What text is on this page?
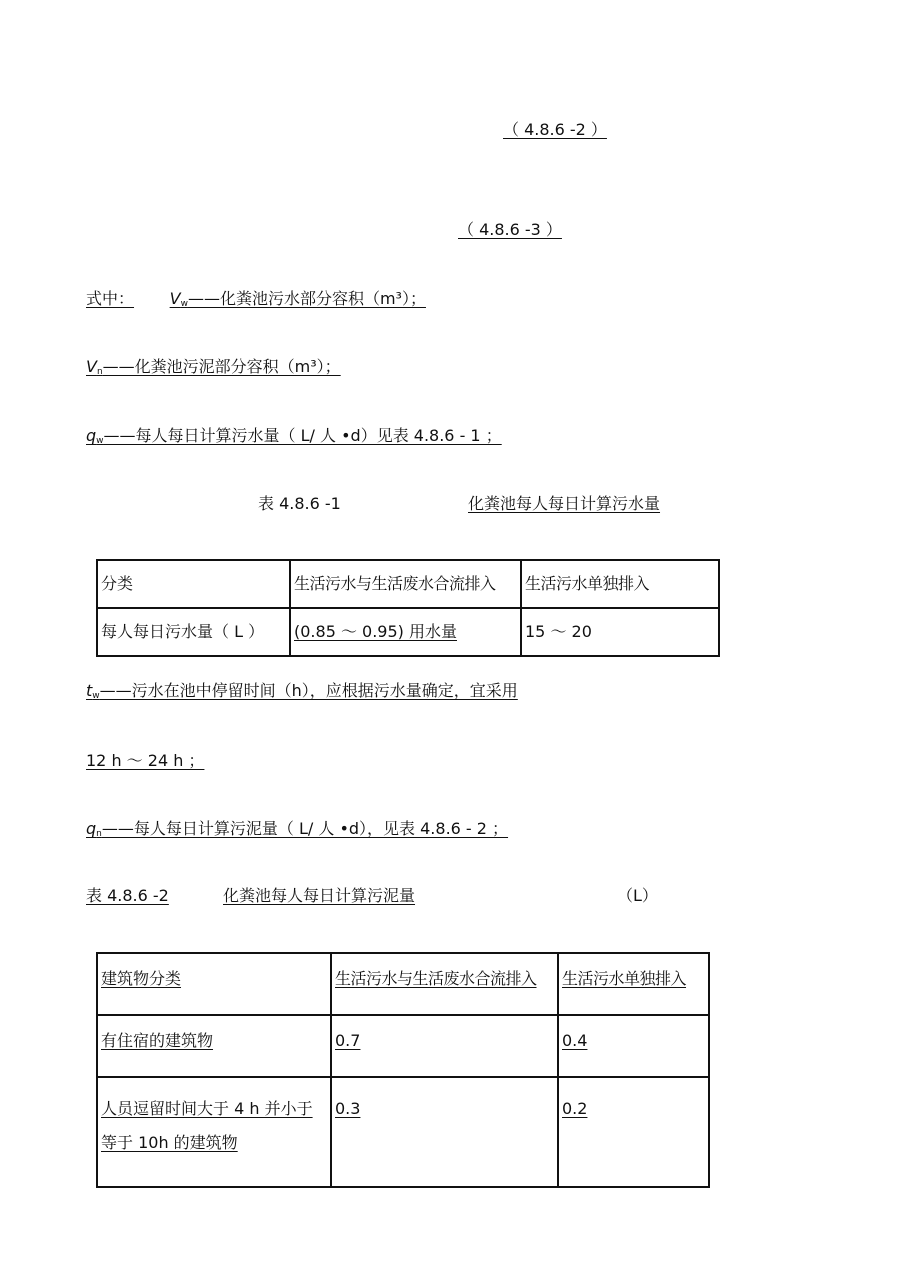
（ 4.8.6 -2 ）
（ 4.8.6 -3 ）
式中： $V_w——$化粪池污水部分容积（m³）；
$V_n——$化粪池污泥部分容积（m³）；
$q_w——$每人每日计算污水量（ L/ 人 •d）见表 4.8.6 - 1 ；
表 4.8.6 -1	化粪池每人每日计算污水量
分类	生活污水与生活废水合流排入	生活污水单独排入
每人每日污水量（ L ）	(0.85 ～ 0.95) 用水量	15 ～ 20
$t_w——$污水在池中停留时间（h），应根据污水量确定，宜采用
12 h ～ 24 h ；
$q_n——$每人每日计算污泥量（ L/ 人 •d），见表 4.8.6 - 2 ；
表 4.8.6 -2	化粪池每人每日计算污泥量	（L）
建筑物分类	生活污水与生活废水合流排入	生活污水单独排入
有住宿的建筑物	0.7	0.4
人员逗留时间大于 4 h 并小于等于 10h 的建筑物	0.3	0.2
